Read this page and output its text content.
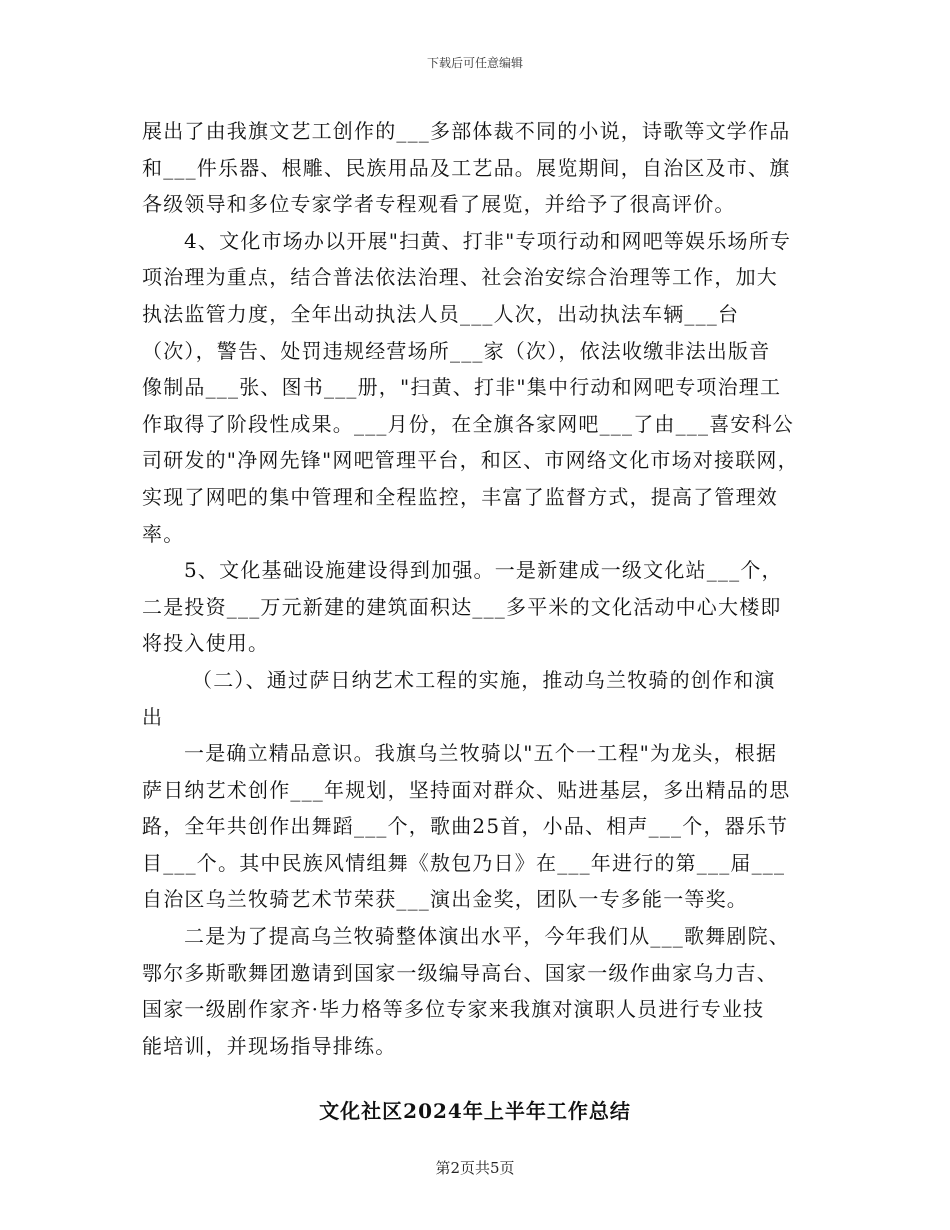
下载后可任意编辑
展出了由我旗文艺工创作的___多部体裁不同的小说，诗歌等文学作品
和___件乐器、根雕、民族用品及工艺品。展览期间，自治区及市、旗
各级领导和多位专家学者专程观看了展览，并给予了很高评价。
4、文化市场办以开展"扫黄、打非"专项行动和网吧等娱乐场所专
项治理为重点，结合普法依法治理、社会治安综合治理等工作，加大
执法监管力度，全年出动执法人员___人次，出动执法车辆___台
（次），警告、处罚违规经营场所___家（次），依法收缴非法出版音
像制品___张、图书___册，"扫黄、打非"集中行动和网吧专项治理工
作取得了阶段性成果。___月份，在全旗各家网吧___了由___喜安科公
司研发的"净网先锋"网吧管理平台，和区、市网络文化市场对接联网，
实现了网吧的集中管理和全程监控，丰富了监督方式，提高了管理效
率。
5、文化基础设施建设得到加强。一是新建成一级文化站___个，
二是投资___万元新建的建筑面积达___多平米的文化活动中心大楼即
将投入使用。
（二）、通过萨日纳艺术工程的实施，推动乌兰牧骑的创作和演
出
一是确立精品意识。我旗乌兰牧骑以"五个一工程"为龙头，根据
萨日纳艺术创作___年规划，坚持面对群众、贴进基层，多出精品的思
路，全年共创作出舞蹈___个，歌曲25首，小品、相声___个，器乐节
目___个。其中民族风情组舞《敖包乃日》在___年进行的第___届___
自治区乌兰牧骑艺术节荣获___演出金奖，团队一专多能一等奖。
二是为了提高乌兰牧骑整体演出水平，今年我们从___歌舞剧院、
鄂尔多斯歌舞团邀请到国家一级编导高台、国家一级作曲家乌力吉、
国家一级剧作家齐·毕力格等多位专家来我旗对演职人员进行专业技
能培训，并现场指导排练。
文化社区2024年上半年工作总结
第2页共5页
